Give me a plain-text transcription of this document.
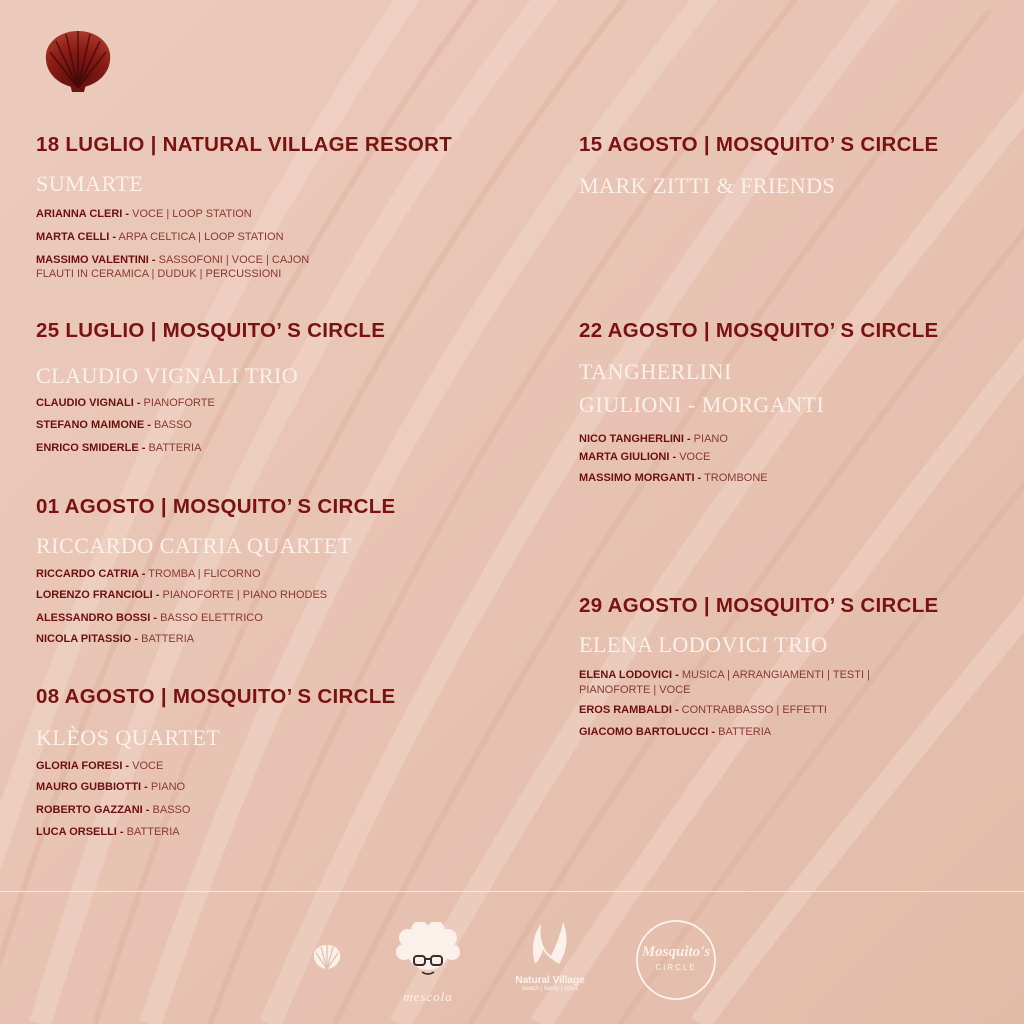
18 LUGLIO | NATURAL VILLAGE RESORT
SUMARTE
ARIANNA CLERI - VOCE | LOOP STATION
MARTA CELLI - ARPA CELTICA | LOOP STATION
MASSIMO VALENTINI - SASSOFONI | VOCE | CAJON
FLAUTI IN CERAMICA | DUDUK | PERCUSSIONI
25 LUGLIO | MOSQUITO’ S CIRCLE
CLAUDIO VIGNALI TRIO
CLAUDIO VIGNALI - PIANOFORTE
STEFANO MAIMONE - BASSO
ENRICO SMIDERLE - BATTERIA
01 AGOSTO | MOSQUITO’ S CIRCLE
RICCARDO CATRIA QUARTET
RICCARDO CATRIA - TROMBA | FLICORNO
LORENZO FRANCIOLI - PIANOFORTE | PIANO RHODES
ALESSANDRO BOSSI - BASSO ELETTRICO
NICOLA PITASSIO - BATTERIA
08 AGOSTO | MOSQUITO’ S CIRCLE
KLÈOS QUARTET
GLORIA FORESI - VOCE
MAURO GUBBIOTTI - PIANO
ROBERTO GAZZANI - BASSO
LUCA ORSELLI - BATTERIA
15 AGOSTO | MOSQUITO’ S CIRCLE
MARK ZITTI & FRIENDS
22 AGOSTO | MOSQUITO’ S CIRCLE
TANGHERLINI
GIULIONI - MORGANTI
NICO TANGHERLINI - PIANO
MARTA GIULIONI - VOCE
MASSIMO MORGANTI - TROMBONE
29 AGOSTO | MOSQUITO’ S CIRCLE
ELENA LODOVICI TRIO
ELENA LODOVICI - MUSICA | ARRANGIAMENTI | TESTI |
PIANOFORTE | VOCE
EROS RAMBALDI - CONTRABBASSO | EFFETTI
GIACOMO BARTOLUCCI - BATTERIA
mescola
Natural Village
beach | family | sport
Mosquito's
CIRCLE
